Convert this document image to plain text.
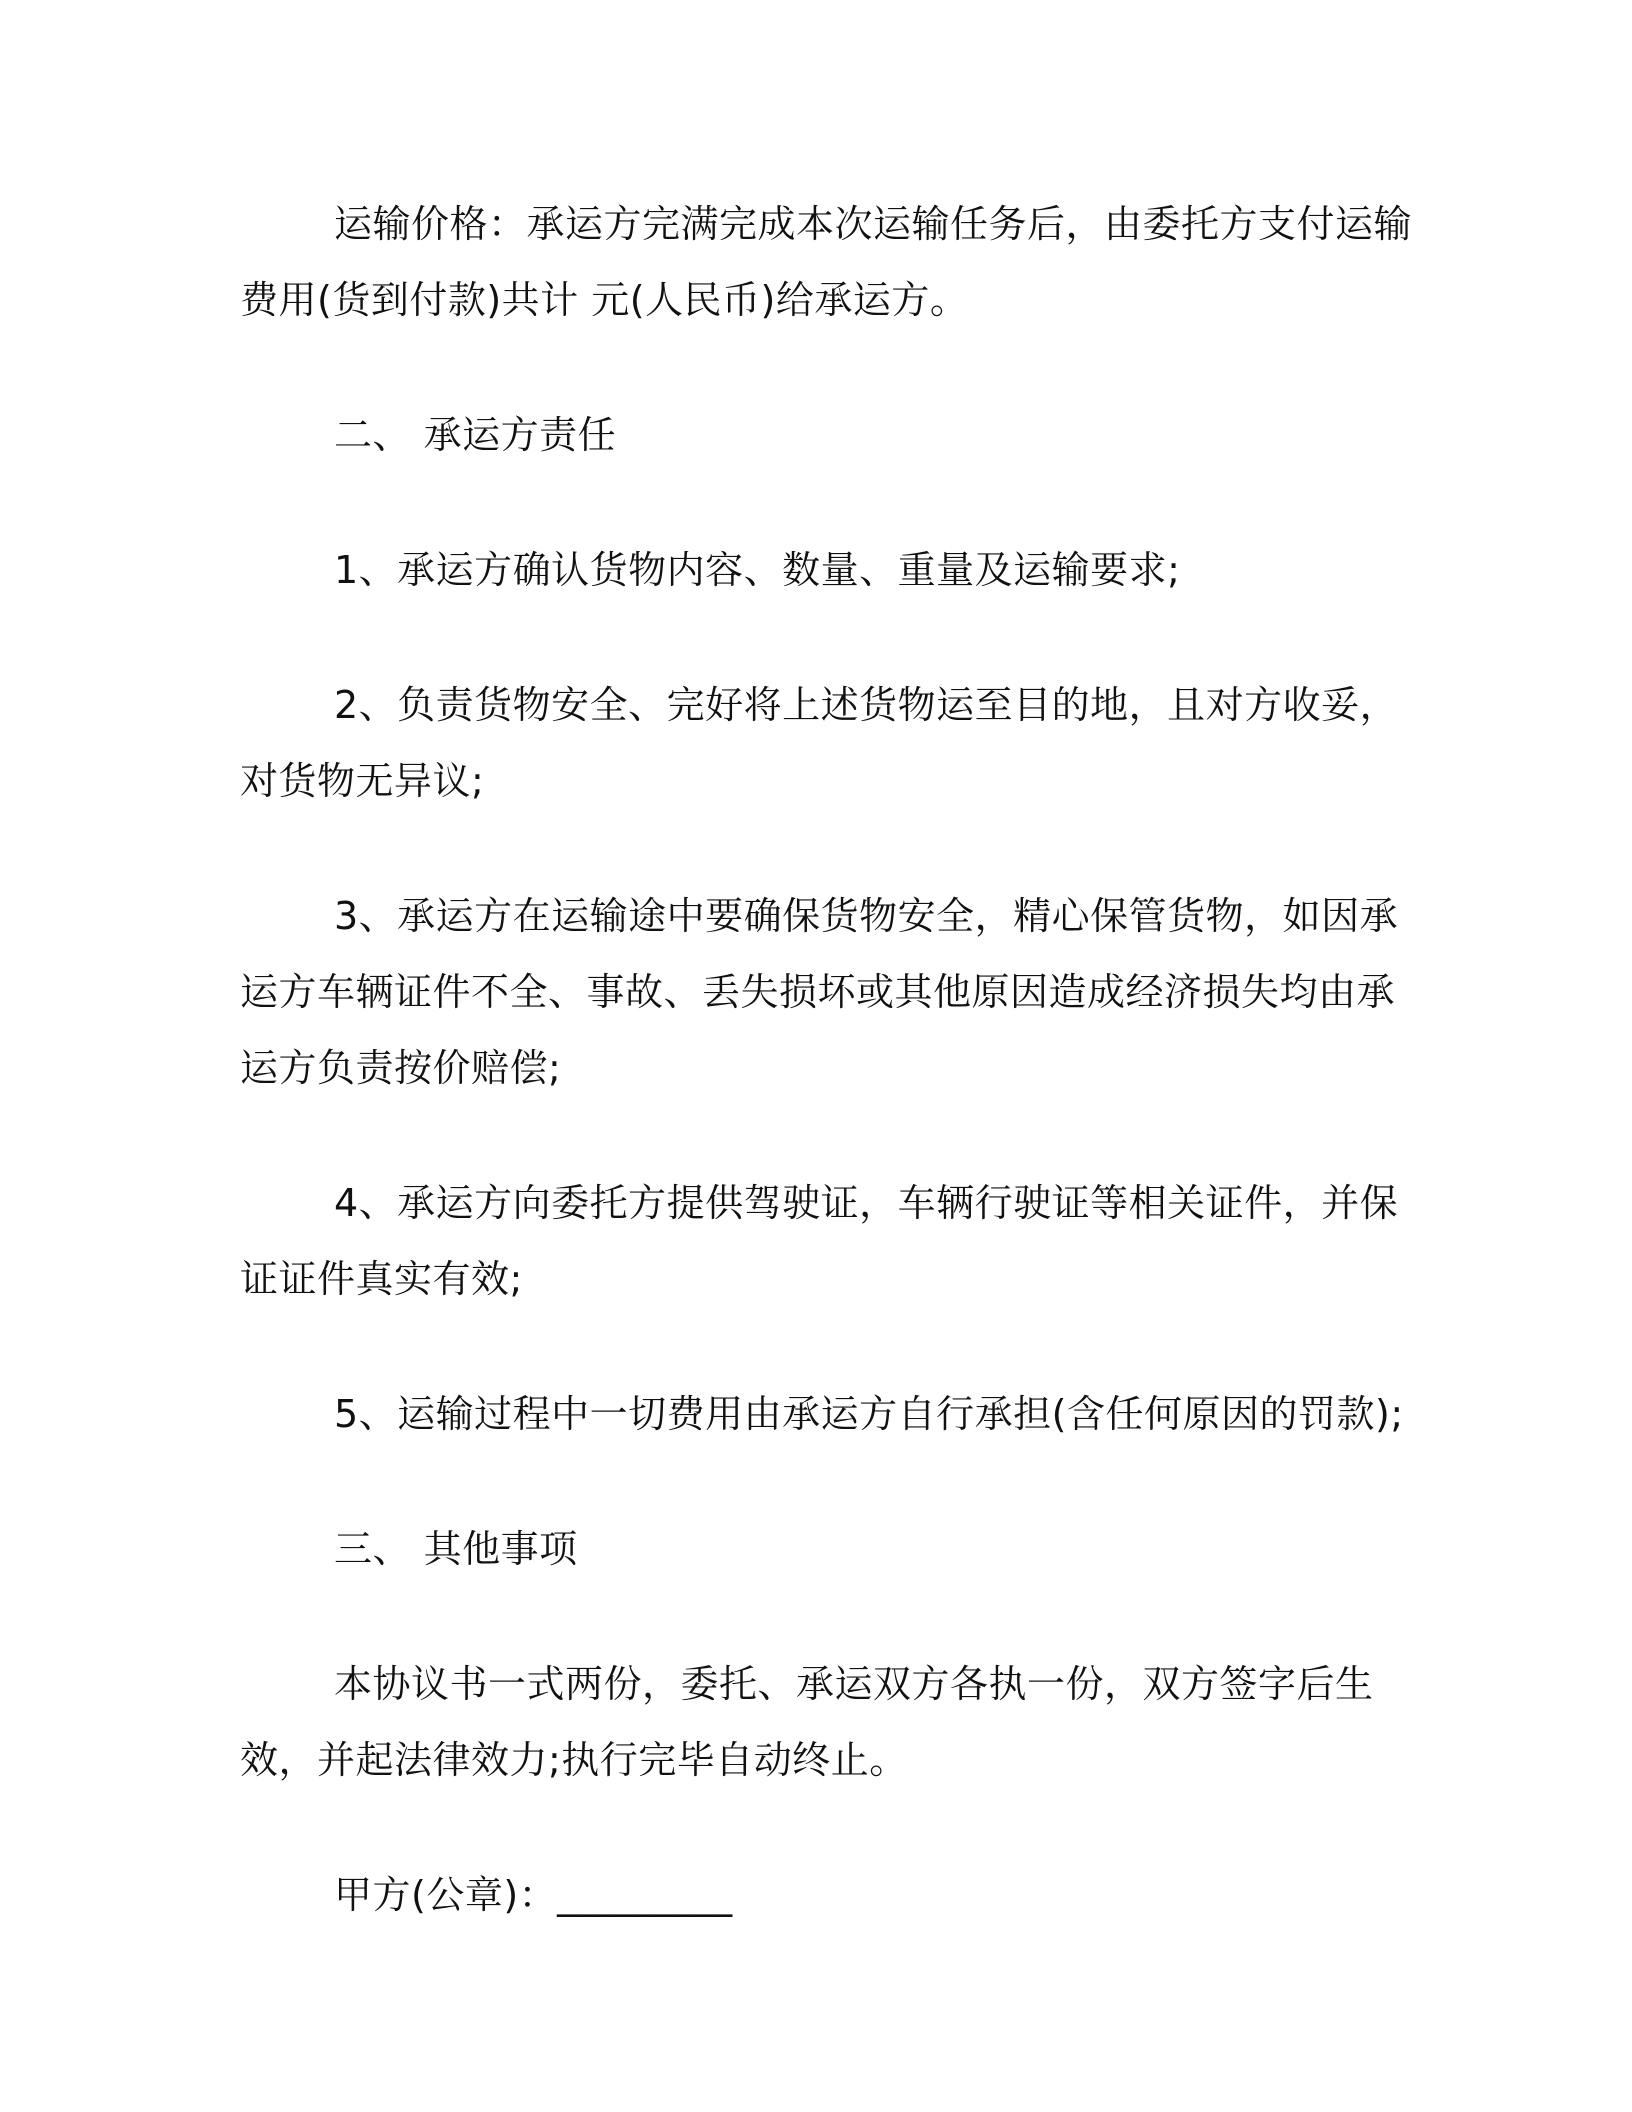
运输价格：承运方完满完成本次运输任务后，由委托方支付运输费用(货到付款)共计 元(人民币)给承运方。

二、 承运方责任

1、承运方确认货物内容、数量、重量及运输要求;

2、负责货物安全、完好将上述货物运至目的地，且对方收妥，对货物无异议;

3、承运方在运输途中要确保货物安全，精心保管货物，如因承运方车辆证件不全、事故、丢失损坏或其他原因造成经济损失均由承运方负责按价赔偿;

4、承运方向委托方提供驾驶证，车辆行驶证等相关证件，并保证证件真实有效;

5、运输过程中一切费用由承运方自行承担(含任何原因的罚款);

三、 其他事项

本协议书一式两份，委托、承运双方各执一份，双方签字后生效，并起法律效力;执行完毕自动终止。

甲方(公章)：_________
